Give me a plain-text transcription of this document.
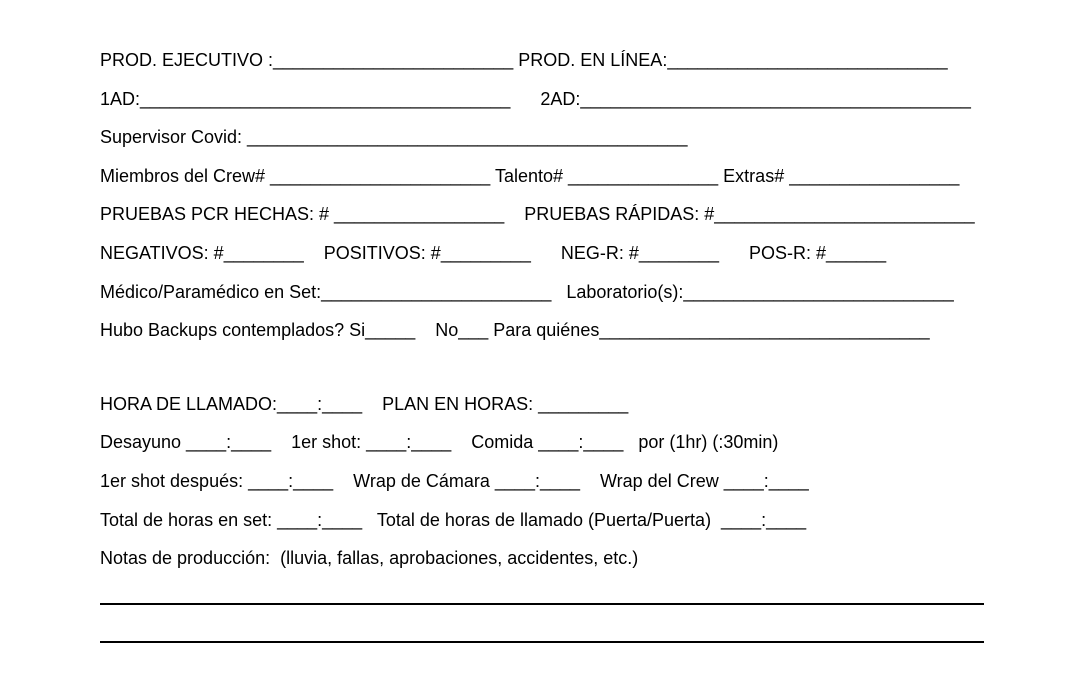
PROD. EJECUTIVO :________________________ PROD. EN LÍNEA:____________________________
1AD:_____________________________________      2AD:_______________________________________
Supervisor Covid: ____________________________________________
Miembros del Crew# ______________________ Talento# _______________ Extras# _________________
PRUEBAS PCR HECHAS: # _________________    PRUEBAS RÁPIDAS: #__________________________
NEGATIVOS: #________    POSITIVOS: #_________      NEG-R: #________      POS-R: #______
Médico/Paramédico en Set:_______________________   Laboratorio(s):___________________________
Hubo Backups contemplados? Si_____    No___ Para quiénes_________________________________
HORA DE LLAMADO:____:____    PLAN EN HORAS: _________
Desayuno ____:____    1er shot: ____:____    Comida ____:____   por (1hr) (:30min)
1er shot después: ____:____    Wrap de Cámara ____:____    Wrap del Crew ____:____
Total de horas en set: ____:____   Total de horas de llamado (Puerta/Puerta)  ____:____
Notas de producción:  (lluvia, fallas, aprobaciones, accidentes, etc.)
